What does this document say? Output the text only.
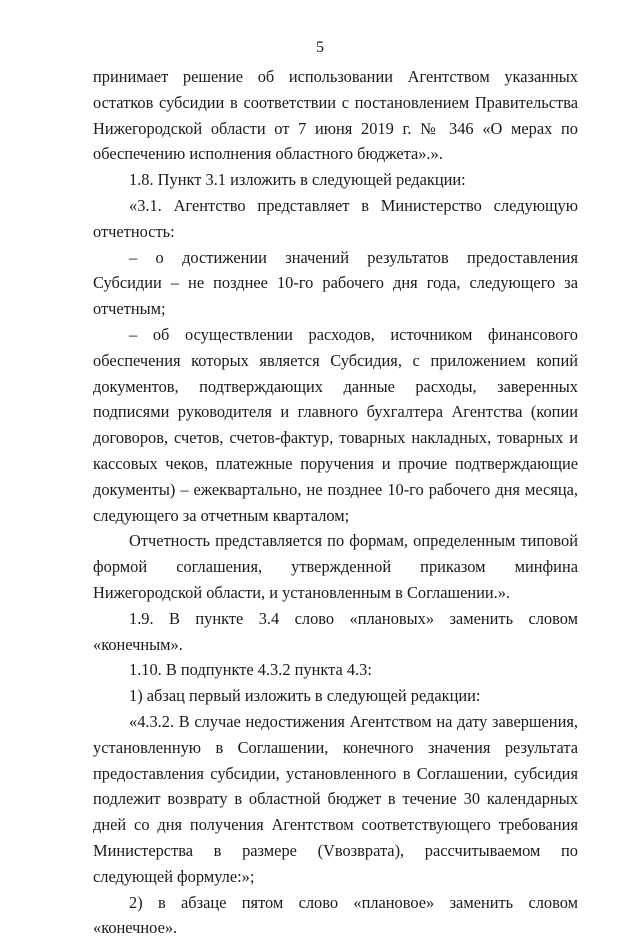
5

принимает решение об использовании Агентством указанных остатков субсидии в соответствии с постановлением Правительства Нижегородской области от 7 июня 2019 г. № 346 «О мерах по обеспечению исполнения областного бюджета».».

1.8. Пункт 3.1 изложить в следующей редакции:

«3.1. Агентство представляет в Министерство следующую отчетность:

– о достижении значений результатов предоставления Субсидии – не позднее 10-го рабочего дня года, следующего за отчетным;

– об осуществлении расходов, источником финансового обеспечения которых является Субсидия, с приложением копий документов, подтверждающих данные расходы, заверенных подписями руководителя и главного бухгалтера Агентства (копии договоров, счетов, счетов-фактур, товарных накладных, товарных и кассовых чеков, платежные поручения и прочие подтверждающие документы) – ежеквартально, не позднее 10-го рабочего дня месяца, следующего за отчетным кварталом;

Отчетность представляется по формам, определенным типовой формой соглашения, утвержденной приказом минфина Нижегородской области, и установленным в Соглашении.».

1.9. В пункте 3.4 слово «плановых» заменить словом «конечным».

1.10. В подпункте 4.3.2 пункта 4.3:

1) абзац первый изложить в следующей редакции:

«4.3.2. В случае недостижения Агентством на дату завершения, установленную в Соглашении, конечного значения результата предоставления субсидии, установленного в Соглашении, субсидия подлежит возврату в областной бюджет в течение 30 календарных дней со дня получения Агентством соответствующего требования Министерства в размере (Vвозврата), рассчитываемом по следующей формуле:»;

2) в абзаце пятом слово «плановое» заменить словом «конечное».
